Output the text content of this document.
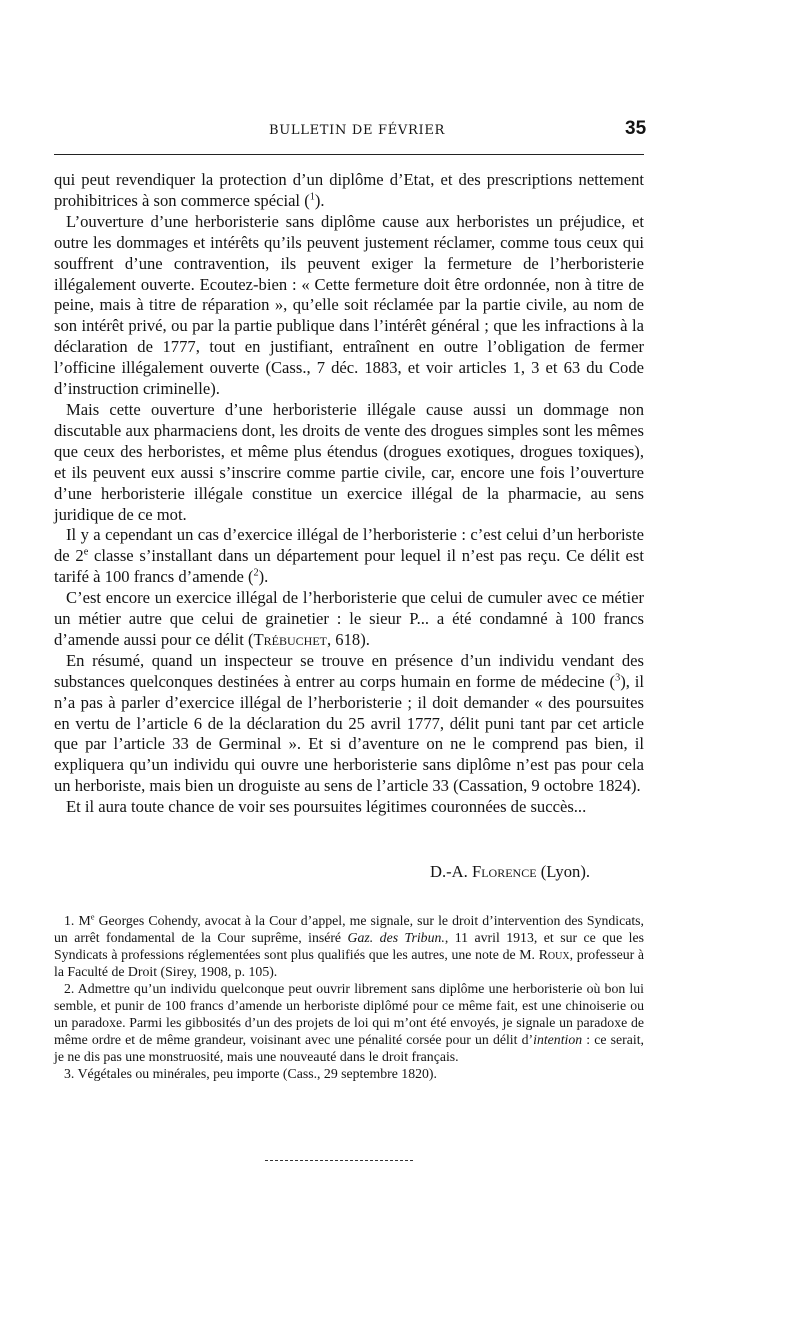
BULLETIN DE FÉVRIER	35

qui peut revendiquer la protection d’un diplôme d’Etat, et des prescriptions nettement prohibitrices à son commerce spécial ($^1$).

L’ouverture d’une herboristerie sans diplôme cause aux herboristes un préjudice, et outre les dommages et intérêts qu’ils peuvent justement réclamer, comme tous ceux qui souffrent d’une contravention, ils peuvent exiger la fermeture de l’herboristerie illégalement ouverte. Ecoutez-bien : « Cette fermeture doit être ordonnée, non à titre de peine, mais à titre de réparation », qu’elle soit réclamée par la partie civile, au nom de son intérêt privé, ou par la partie publique dans l’intérêt général ; que les infractions à la déclaration de 1777, tout en justifiant, entraînent en outre l’obligation de fermer l’officine illégalement ouverte (Cass., 7 déc. 1883, et voir articles 1, 3 et 63 du Code d’instruction criminelle).

Mais cette ouverture d’une herboristerie illégale cause aussi un dommage non discutable aux pharmaciens dont, les droits de vente des drogues simples sont les mêmes que ceux des herboristes, et même plus étendus (drogues exotiques, drogues toxiques), et ils peuvent eux aussi s’inscrire comme partie civile, car, encore une fois l’ouverture d’une herboristerie illégale constitue un exercice illégal de la pharmacie, au sens juridique de ce mot.

Il y a cependant un cas d’exercice illégal de l’herboristerie : c’est celui d’un herboriste de 2e classe s’installant dans un département pour lequel il n’est pas reçu. Ce délit est tarifé à 100 francs d’amende ($^2$).

C’est encore un exercice illégal de l’herboristerie que celui de cumuler avec ce métier un métier autre que celui de grainetier : le sieur P... a été condamné à 100 francs d’amende aussi pour ce délit (Trébuchet, 618).

En résumé, quand un inspecteur se trouve en présence d’un individu vendant des substances quelconques destinées à entrer au corps humain en forme de médecine ($^3$), il n’a pas à parler d’exercice illégal de l’herboristerie ; il doit demander « des poursuites en vertu de l’article 6 de la déclaration du 25 avril 1777, délit puni tant par cet article que par l’article 33 de Germinal ». Et si d’aventure on ne le comprend pas bien, il expliquera qu’un individu qui ouvre une herboristerie sans diplôme n’est pas pour cela un herboriste, mais bien un droguiste au sens de l’article 33 (Cassation, 9 octobre 1824).

Et il aura toute chance de voir ses poursuites légitimes couronnées de succès...

D.-A. Florence (Lyon).

1. Me Georges Cohendy, avocat à la Cour d’appel, me signale, sur le droit d’intervention des Syndicats, un arrêt fondamental de la Cour suprême, inséré Gaz. des Tribun., 11 avril 1913, et sur ce que les Syndicats à professions réglementées sont plus qualifiés que les autres, une note de M. Roux, professeur à la Faculté de Droit (Sirey, 1908, p. 105).

2. Admettre qu’un individu quelconque peut ouvrir librement sans diplôme une herboristerie où bon lui semble, et punir de 100 francs d’amende un herboriste diplômé pour ce même fait, est une chinoiserie ou un paradoxe. Parmi les gibbosités d’un des projets de loi qui m’ont été envoyés, je signale un paradoxe de même ordre et de même grandeur, voisinant avec une pénalité corsée pour un délit d’intention : ce serait, je ne dis pas une monstruosité, mais une nouveauté dans le droit français.

3. Végétales ou minérales, peu importe (Cass., 29 septembre 1820).
